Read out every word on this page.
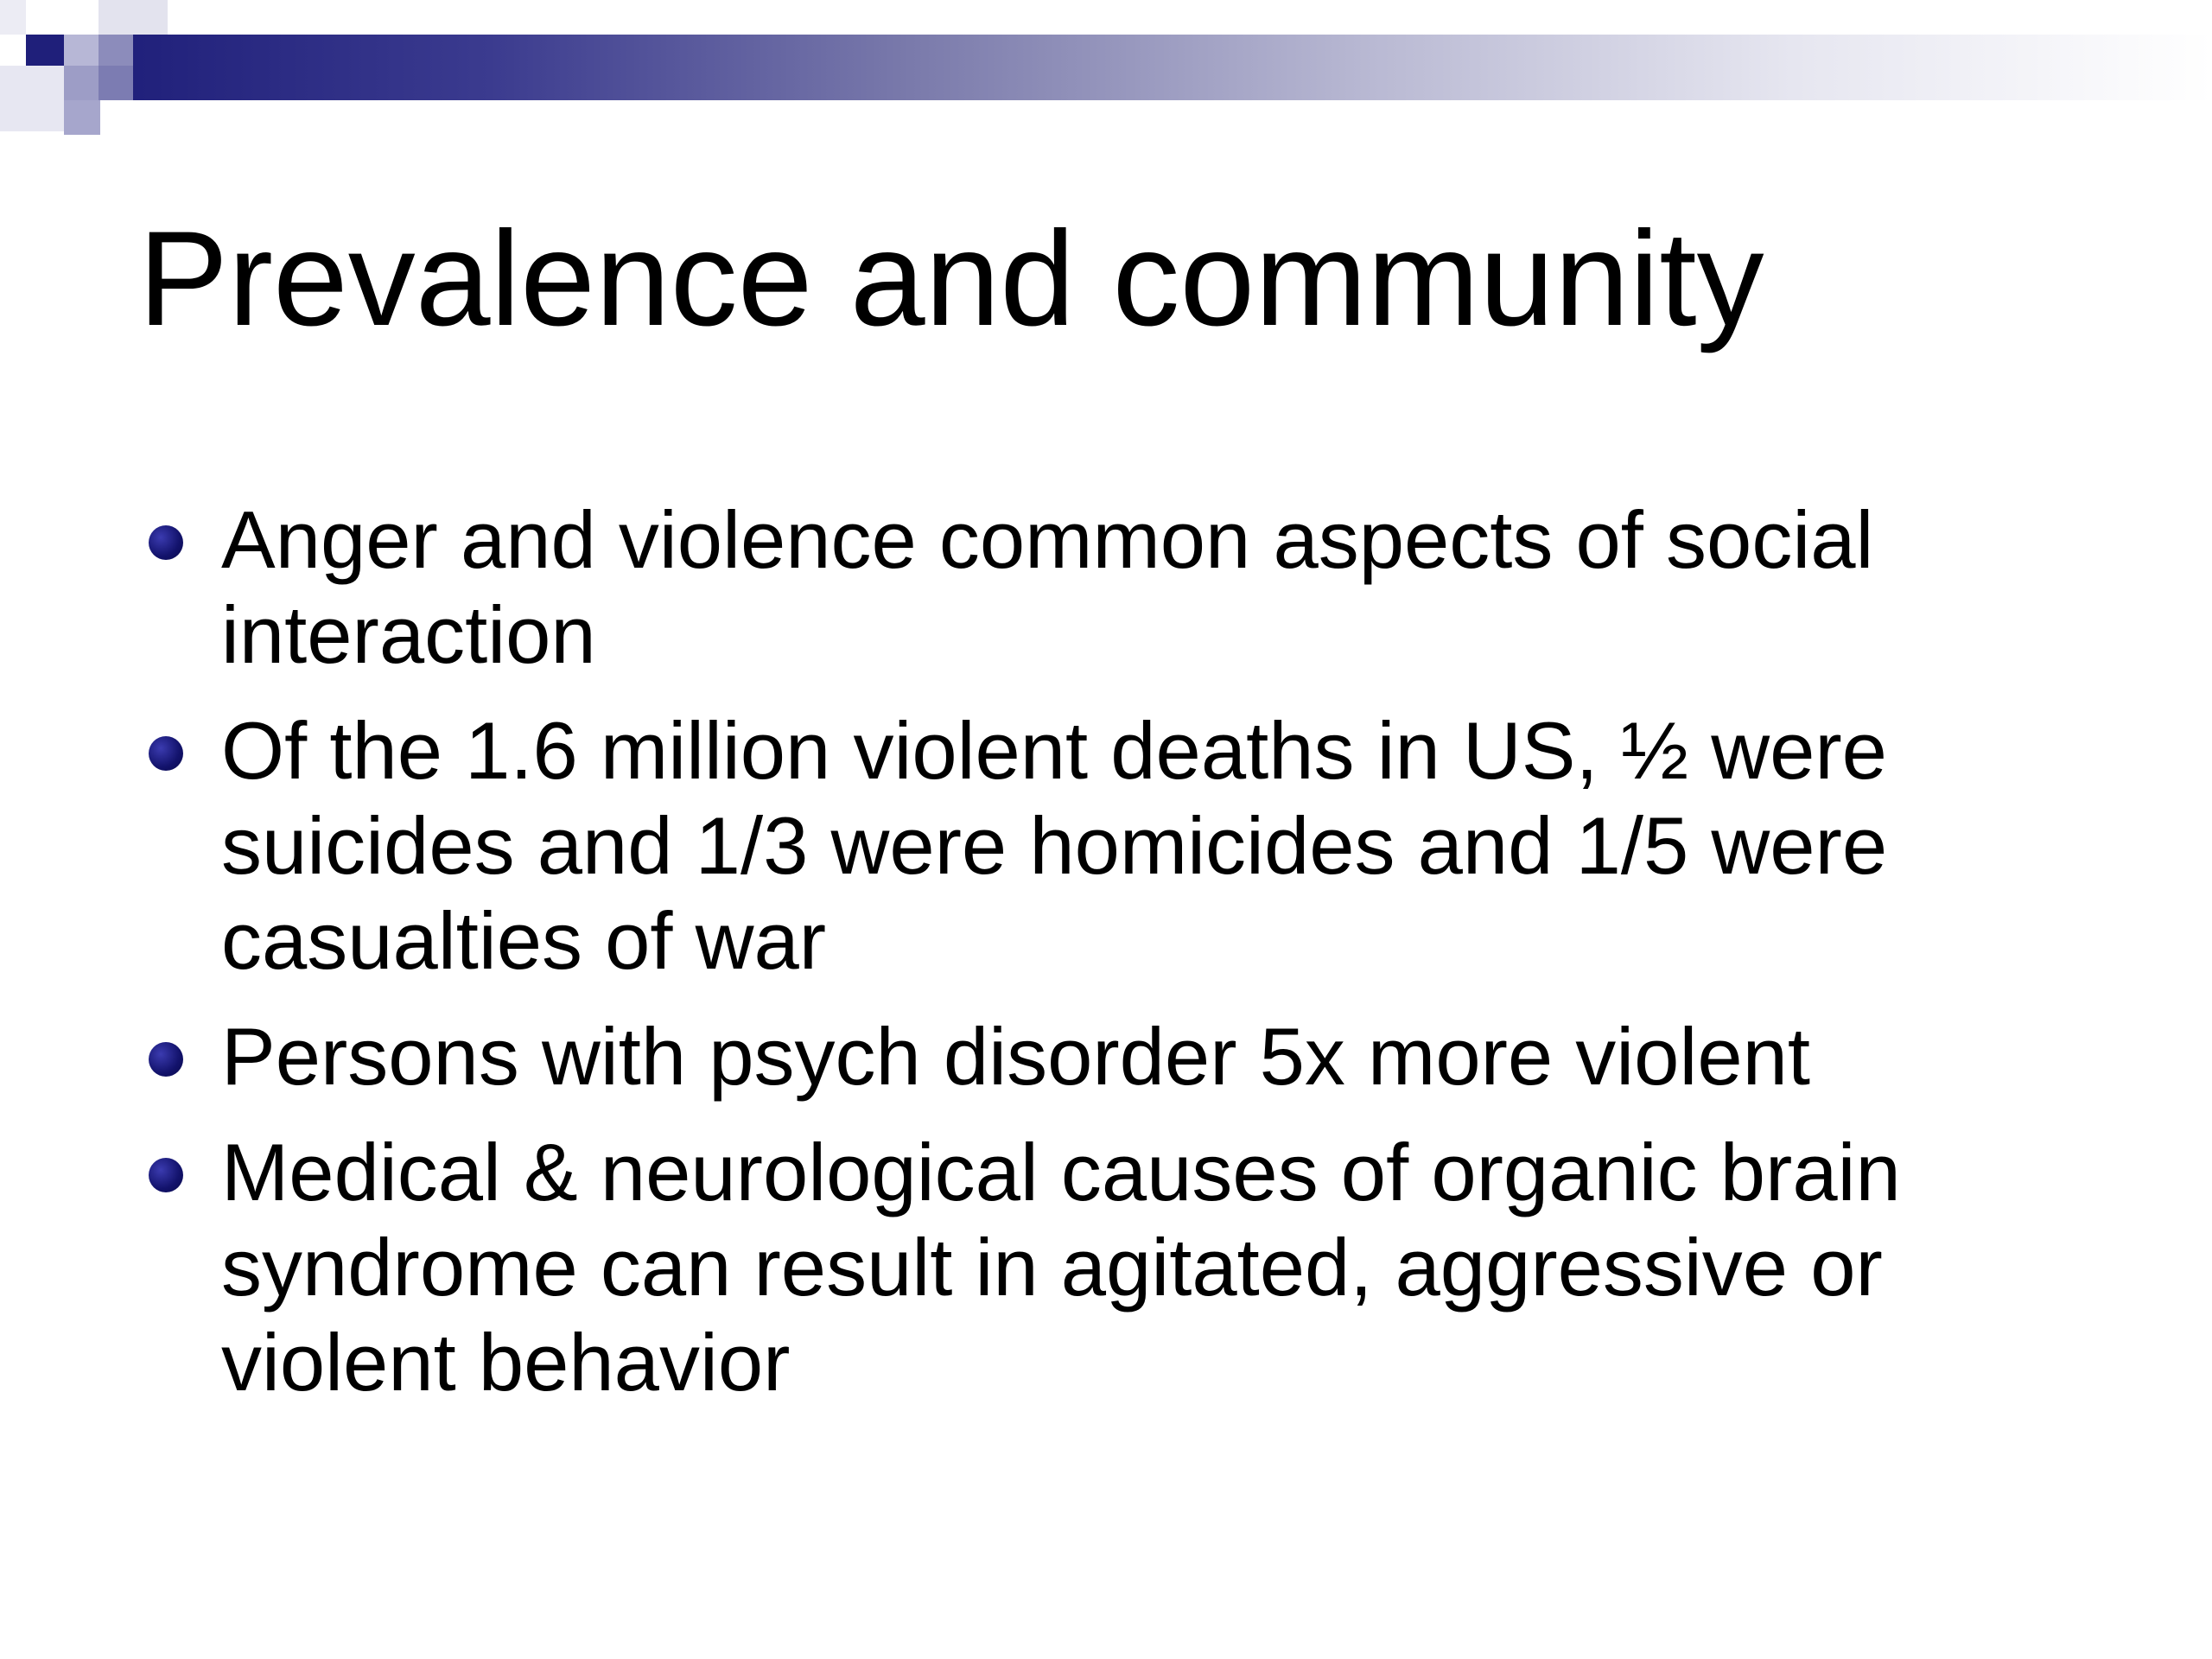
Prevalence and community
Anger and violence common aspects of social interaction
Of the 1.6 million violent deaths in US, ½ were suicides and 1/3 were homicides and 1/5 were casualties of war
Persons with psych disorder 5x more violent
Medical & neurological causes of organic brain syndrome can result in agitated, aggressive or violent behavior
